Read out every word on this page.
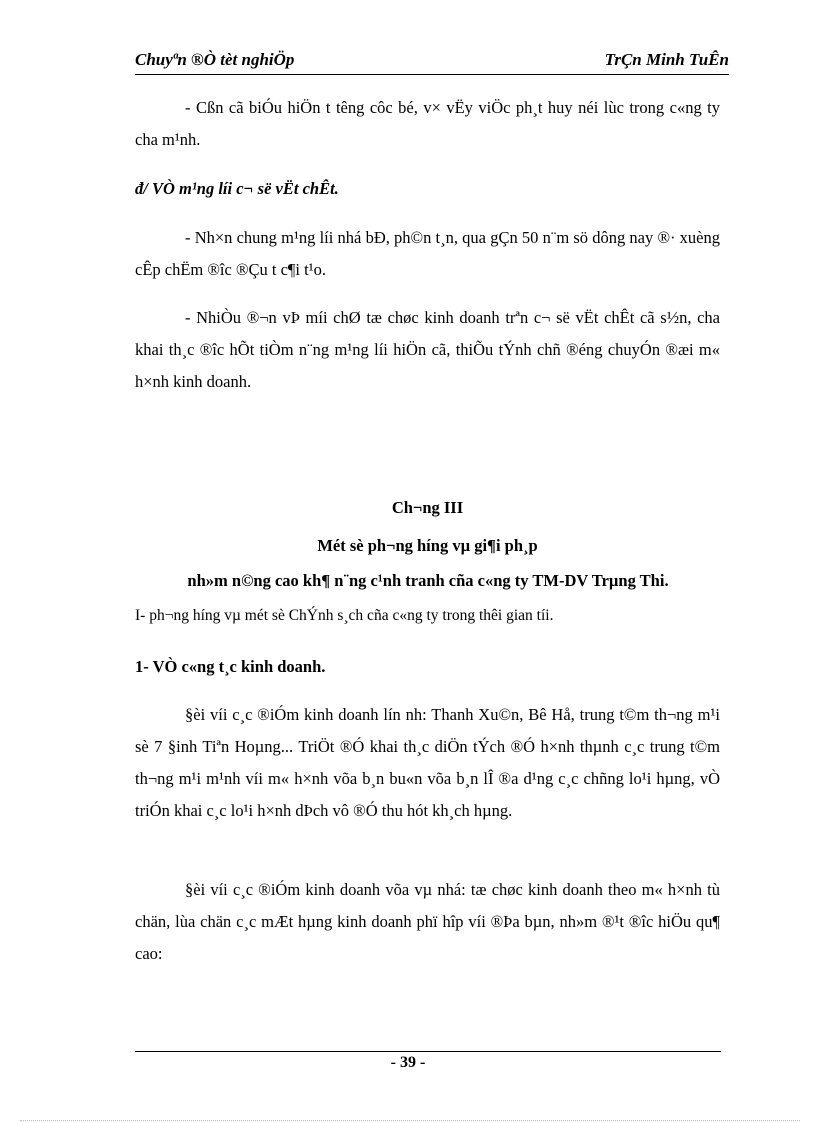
Chuyªn ®Ò tèt nghiÖp	TrÇn Minh TuÊn
- Cßn cã biÓu hiÖn t têng côc bé, v× vËy viÖc ph¸t huy néi lùc trong c«ng ty cha m¹nh.
đ/ VÒ m¹ng líi c¬ së vËt chÊt.
- Nh×n chung m¹ng líi nhá bÐ, ph©n t¸n, qua gÇn 50 n¨m sö dông nay ®· xuèng cÊp chËm ®îc ®Çu t c¶i t¹o.
- NhiÒu ®¬n vÞ míi chØ tæ chøc kinh doanh trªn c¬ së vËt chÊt cã s½n, cha khai th¸c ®îc hÕt tiÒm n¨ng m¹ng líi hiÖn cã, thiÕu tÝnh chñ ®éng chuyÓn ®æi m« h×nh kinh doanh.
Ch¬ng III
Mét sè ph¬ng híng vµ gi¶i ph¸p
nh»m n©ng cao kh¶ n¨ng c¹nh tranh cña c«ng ty TM-DV Trµng Thi.
I- ph¬ng híng vµ mét sè ChÝnh s¸ch cña c«ng ty trong thêi gian tíi.
1- VÒ c«ng t¸c kinh doanh.
§èi víi c¸c ®iÓm kinh doanh lín nh: Thanh Xu©n, Bê Hå, trung t©m th¬ng m¹i sè 7 §inh Tiªn Hoµng... TriÖt ®Ó khai th¸c diÖn tÝch ®Ó h×nh thµnh c¸c trung t©m th¬ng m¹i m¹nh víi m« h×nh võa b¸n bu«n võa b¸n lÎ ®a d¹ng c¸c chñng lo¹i hµng, vÒ triÓn khai c¸c lo¹i h×nh dÞch vô ®Ó thu hót kh¸ch hµng.
§èi víi c¸c ®iÓm kinh doanh võa vµ nhá: tæ chøc kinh doanh theo m« h×nh tù chän, lùa chän c¸c mÆt hµng kinh doanh phï hîp víi ®Þa bµn, nh»m ®¹t ®îc hiÖu qu¶ cao:
- 39 -
